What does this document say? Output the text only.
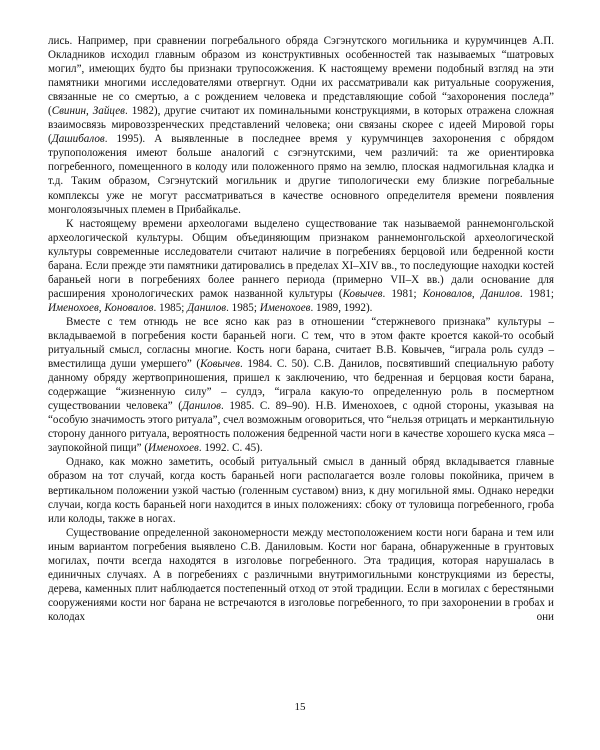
лись. Например, при сравнении погребального обряда Сэгэнутского могильника и курумчинцев А.П. Окладников исходил главным образом из конструктивных особенностей так называемых “шатровых могил”, имеющих будто бы признаки трупосожжения. К настоящему времени подобный взгляд на эти памятники многими исследователями отвергнут. Одни их рассматривали как ритуальные сооружения, связанные не со смертью, а с рождением человека и представляющие собой “захоронения последа” (Свинин, Зайцев. 1982), другие считают их поминальными конструкциями, в которых отражена сложная взаимосвязь мировоззренческих представлений человека; они связаны скорее с идеей Мировой горы (Дашибалов. 1995). А выявленные в последнее время у курумчинцев захоронения с обрядом трупоположения имеют больше аналогий с сэгэнутскими, чем различий: та же ориентировка погребенного, помещенного в колоду или положенного прямо на землю, плоская надмогильная кладка и т.д. Таким образом, Сэгэнутский могильник и другие типологически ему близкие погребальные комплексы уже не могут рассматриваться в качестве основного определителя времени появления монголоязычных племен в Прибайкалье.

К настоящему времени археологами выделено существование так называемой раннемонгольской археологической культуры. Общим объединяющим признаком раннемонгольской археологической культуры современные исследователи считают наличие в погребениях берцовой или бедренной кости барана. Если прежде эти памятники датировались в пределах XI–XIV вв., то последующие находки костей бараньей ноги в погребениях более раннего периода (примерно VII–X вв.) дали основание для расширения хронологических рамок названной культуры (Ковычев. 1981; Коновалов, Данилов. 1981; Именохоев, Коновалов. 1985; Данилов. 1985; Именохоев. 1989, 1992).

Вместе с тем отнюдь не все ясно как раз в отношении “стержневого признака” культуры – вкладываемой в погребения кости бараньей ноги. С тем, что в этом факте кроется какой-то особый ритуальный смысл, согласны многие. Кость ноги барана, считает В.В. Ковычев, “играла роль сулдэ – вместилища души умершего” (Ковычев. 1984. С. 50). С.В. Данилов, посвятивший специальную работу данному обряду жертвоприношения, пришел к заключению, что бедренная и берцовая кости барана, содержащие “жизненную силу” – сулдэ, “играла какую-то определенную роль в посмертном существовании человека” (Данилов. 1985. С. 89–90). Н.В. Именохоев, с одной стороны, указывая на “особую значимость этого ритуала”, счел возможным оговориться, что “нельзя отрицать и меркантильную сторону данного ритуала, вероятность положения бедренной части ноги в качестве хорошего куска мяса – заупокойной пищи” (Именохоев. 1992. С. 45).

Однако, как можно заметить, особый ритуальный смысл в данный обряд вкладывается главные образом на тот случай, когда кость бараньей ноги располагается возле головы покойника, причем в вертикальном положении узкой частью (голенным суставом) вниз, к дну могильной ямы. Однако нередки случаи, когда кость бараньей ноги находится в иных положениях: сбоку от туловища погребенного, гроба или колоды, также в ногах.

Существование определенной закономерности между местоположением кости ноги барана и тем или иным вариантом погребения выявлено С.В. Даниловым. Кости ног барана, обнаруженные в грунтовых могилах, почти всегда находятся в изголовье погребенного. Эта традиция, которая нарушалась в единичных случаях. А в погребениях с различными внутримогильными конструкциями из бересты, дерева, каменных плит наблюдается постепенный отход от этой традиции. Если в могилах с берестяными сооружениями кости ног барана не встречаются в изголовье погребенного, то при захоронении в гробах и колодах они

15
